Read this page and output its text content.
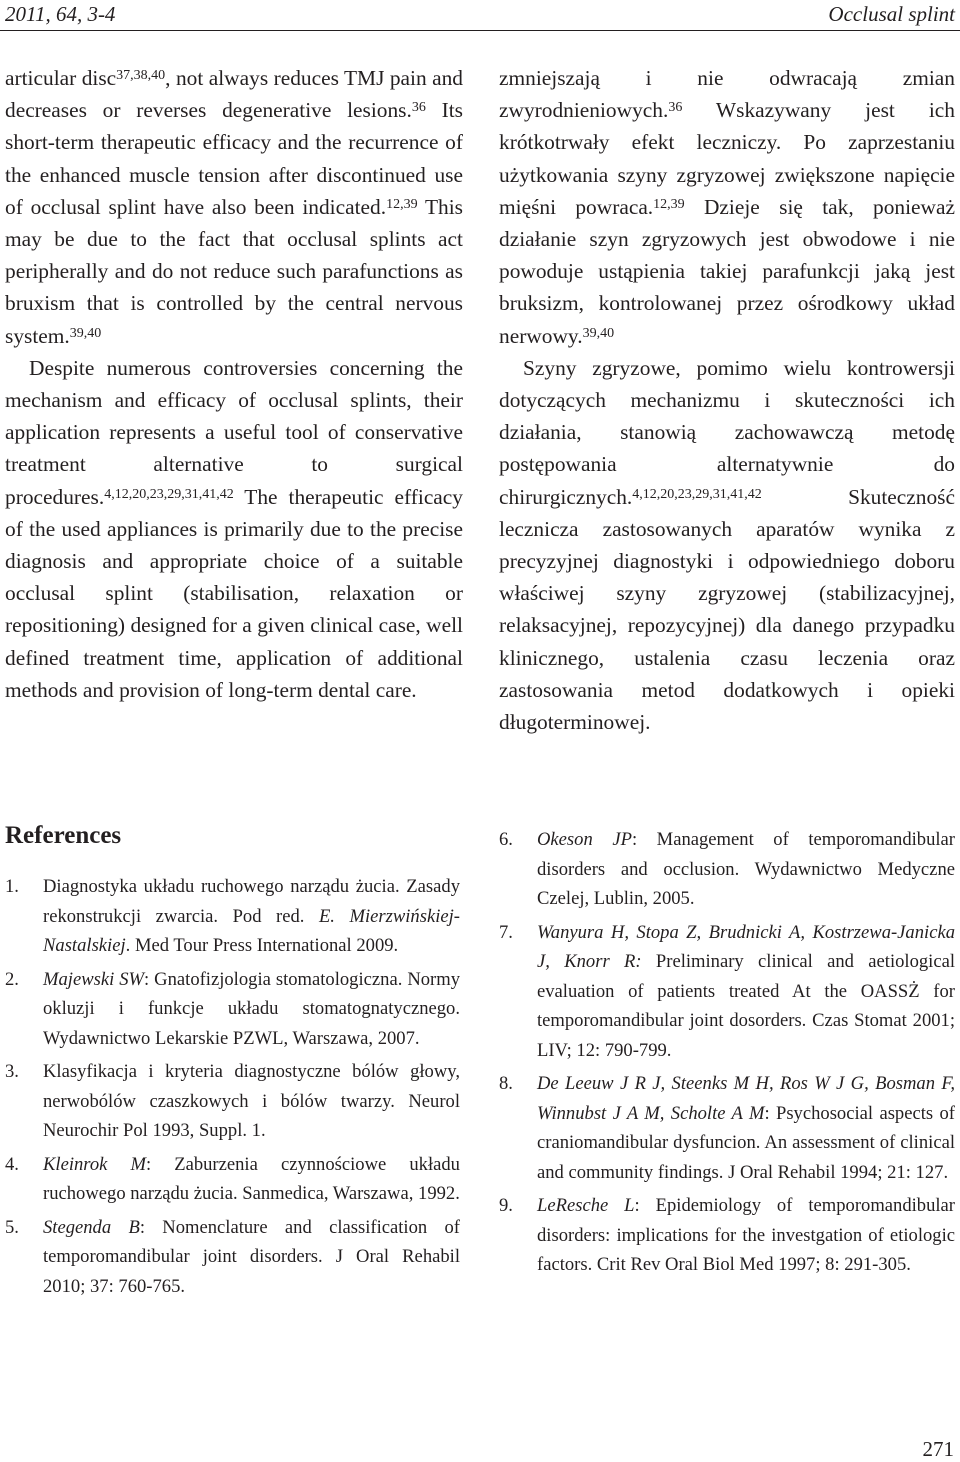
2011, 64, 3-4	Occlusal splint

articular disc$^{37,38,40}$, not always reduces TMJ pain and decreases or reverses degenerative lesions.$^{36}$ Its short-term therapeutic efficacy and the recurrence of the enhanced muscle tension after discontinued use of occlusal splint have also been indicated.$^{12,39}$ This may be due to the fact that occlusal splints act peripherally and do not reduce such parafunctions as bruxism that is controlled by the central nervous system.$^{39,40}$

Despite numerous controversies concerning the mechanism and efficacy of occlusal splints, their application represents a useful tool of conservative treatment alternative to surgical procedures.$^{4,12,20,23,29,31,41,42}$ The therapeutic efficacy of the used appliances is primarily due to the precise diagnosis and appropriate choice of a suitable occlusal splint (stabilisation, relaxation or repositioning) designed for a given clinical case, well defined treatment time, application of additional methods and provision of long-term dental care.

zmniejszają i nie odwracają zmian zwyrodnieniowych.$^{36}$ Wskazywany jest ich krótkotrwały efekt leczniczy. Po zaprzestaniu użytkowania szyny zgryzowej zwiększone napięcie mięśni powraca.$^{12,39}$ Dzieje się tak, ponieważ działanie szyn zgryzowych jest obwodowe i nie powoduje ustąpienia takiej parafunkcji jaką jest bruksizm, kontrolowanej przez ośrodkowy układ nerwowy.$^{39,40}$

Szyny zgryzowe, pomimo wielu kontrowersji dotyczących mechanizmu i skuteczności ich działania, stanowią zachowawczą metodę postępowania alternatywnie do chirurgicznych.$^{4,12,20,23,29,31,41,42}$ Skuteczność lecznicza zastosowanych aparatów wynika z precyzyjnej diagnostyki i odpowiedniego doboru właściwej szyny zgryzowej (stabilizacyjnej, relaksacyjnej, repozycyjnej) dla danego przypadku klinicznego, ustalenia czasu leczenia oraz zastosowania metod dodatkowych i opieki długoterminowej.

References
1. Diagnostyka układu ruchowego narządu żucia. Zasady rekonstrukcji zwarcia. Pod red. E. Mierzwińskiej-Nastalskiej. Med Tour Press International 2009.
2. Majewski SW: Gnatofizjologia stomatologiczna. Normy okluzji i funkcje układu stomatognatycznego. Wydawnictwo Lekarskie PZWL, Warszawa, 2007.
3. Klasyfikacja i kryteria diagnostyczne bólów głowy, nerwobólów czaszkowych i bólów twarzy. Neurol Neurochir Pol 1993, Suppl. 1.
4. Kleinrok M: Zaburzenia czynnościowe układu ruchowego narządu żucia. Sanmedica, Warszawa, 1992.
5. Stegenda B: Nomenclature and classification of temporomandibular joint disorders. J Oral Rehabil 2010; 37: 760-765.
6. Okeson JP: Management of temporomandibular disorders and occlusion. Wydawnictwo Medyczne Czelej, Lublin, 2005.
7. Wanyura H, Stopa Z, Brudnicki A, Kostrzewa-Janicka J, Knorr R: Preliminary clinical and aetiological evaluation of patients treated At the OASSŻ for temporomandibular joint dosorders. Czas Stomat 2001; LIV; 12: 790-799.
8. De Leeuw J R J, Steenks M H, Ros W J G, Bosman F, Winnubst J A M, Scholte A M: Psychosocial aspects of craniomandibular dysfuncion. An assessment of clinical and community findings. J Oral Rehabil 1994; 21: 127.
9. LeResche L: Epidemiology of temporomandibular disorders: implications for the investgation of etiologic factors. Crit Rev Oral Biol Med 1997; 8: 291-305.
271
